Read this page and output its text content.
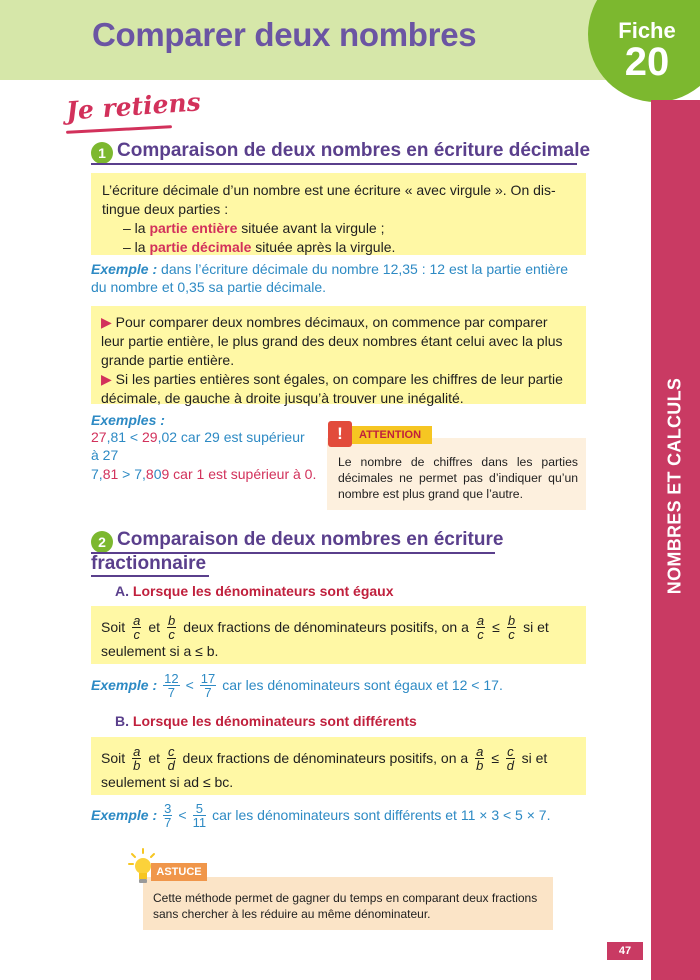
Comparer deux nombres	Fiche
20
NOMBRES ET CALCULS
Je retiens
1 Comparaison de deux nombres en écriture décimale
L’écriture décimale d’un nombre est une écriture « avec virgule ». On dis-
tingue deux parties :
– la partie entière située avant la virgule ;
– la partie décimale située après la virgule.
Exemple : dans l’écriture décimale du nombre 12,35 : 12 est la partie entière
du nombre et 0,35 sa partie décimale.
▶ Pour comparer deux nombres décimaux, on commence par comparer
leur partie entière, le plus grand des deux nombres étant celui avec la plus
grande partie entière.
▶ Si les parties entières sont égales, on compare les chiffres de leur partie
décimale, de gauche à droite jusqu’à trouver une inégalité.
Exemples :
27,81 < 29,02 car 29 est supérieur
à 27
7,81 > 7,809 car 1 est supérieur à 0.
ATTENTION
!
Le nombre de chiffres dans les parties décimales ne permet pas d’indiquer qu’un nombre est plus grand que l’autre.
2 Comparaison de deux nombres en écriture
fractionnaire
A. Lorsque les dénominateurs sont égaux
Soit $\frac{a}{c}$ et $\frac{b}{c}$ deux fractions de dénominateurs positifs, on a $\frac{a}{c} \le \frac{b}{c}$ si et
seulement si a ≤ b.
Exemple : $\frac{12}{7} < \frac{17}{7}$ car les dénominateurs sont égaux et 12 < 17.
B. Lorsque les dénominateurs sont différents
Soit $\frac{a}{b}$ et $\frac{c}{d}$ deux fractions de dénominateurs positifs, on a $\frac{a}{b} \le \frac{c}{d}$ si et
seulement si ad ≤ bc.
Exemple : $\frac{3}{7} < \frac{5}{11}$ car les dénominateurs sont différents et 11 × 3 < 5 × 7.
ASTUCE
Cette méthode permet de gagner du temps en comparant deux fractions sans chercher à les réduire au même dénominateur.
47
